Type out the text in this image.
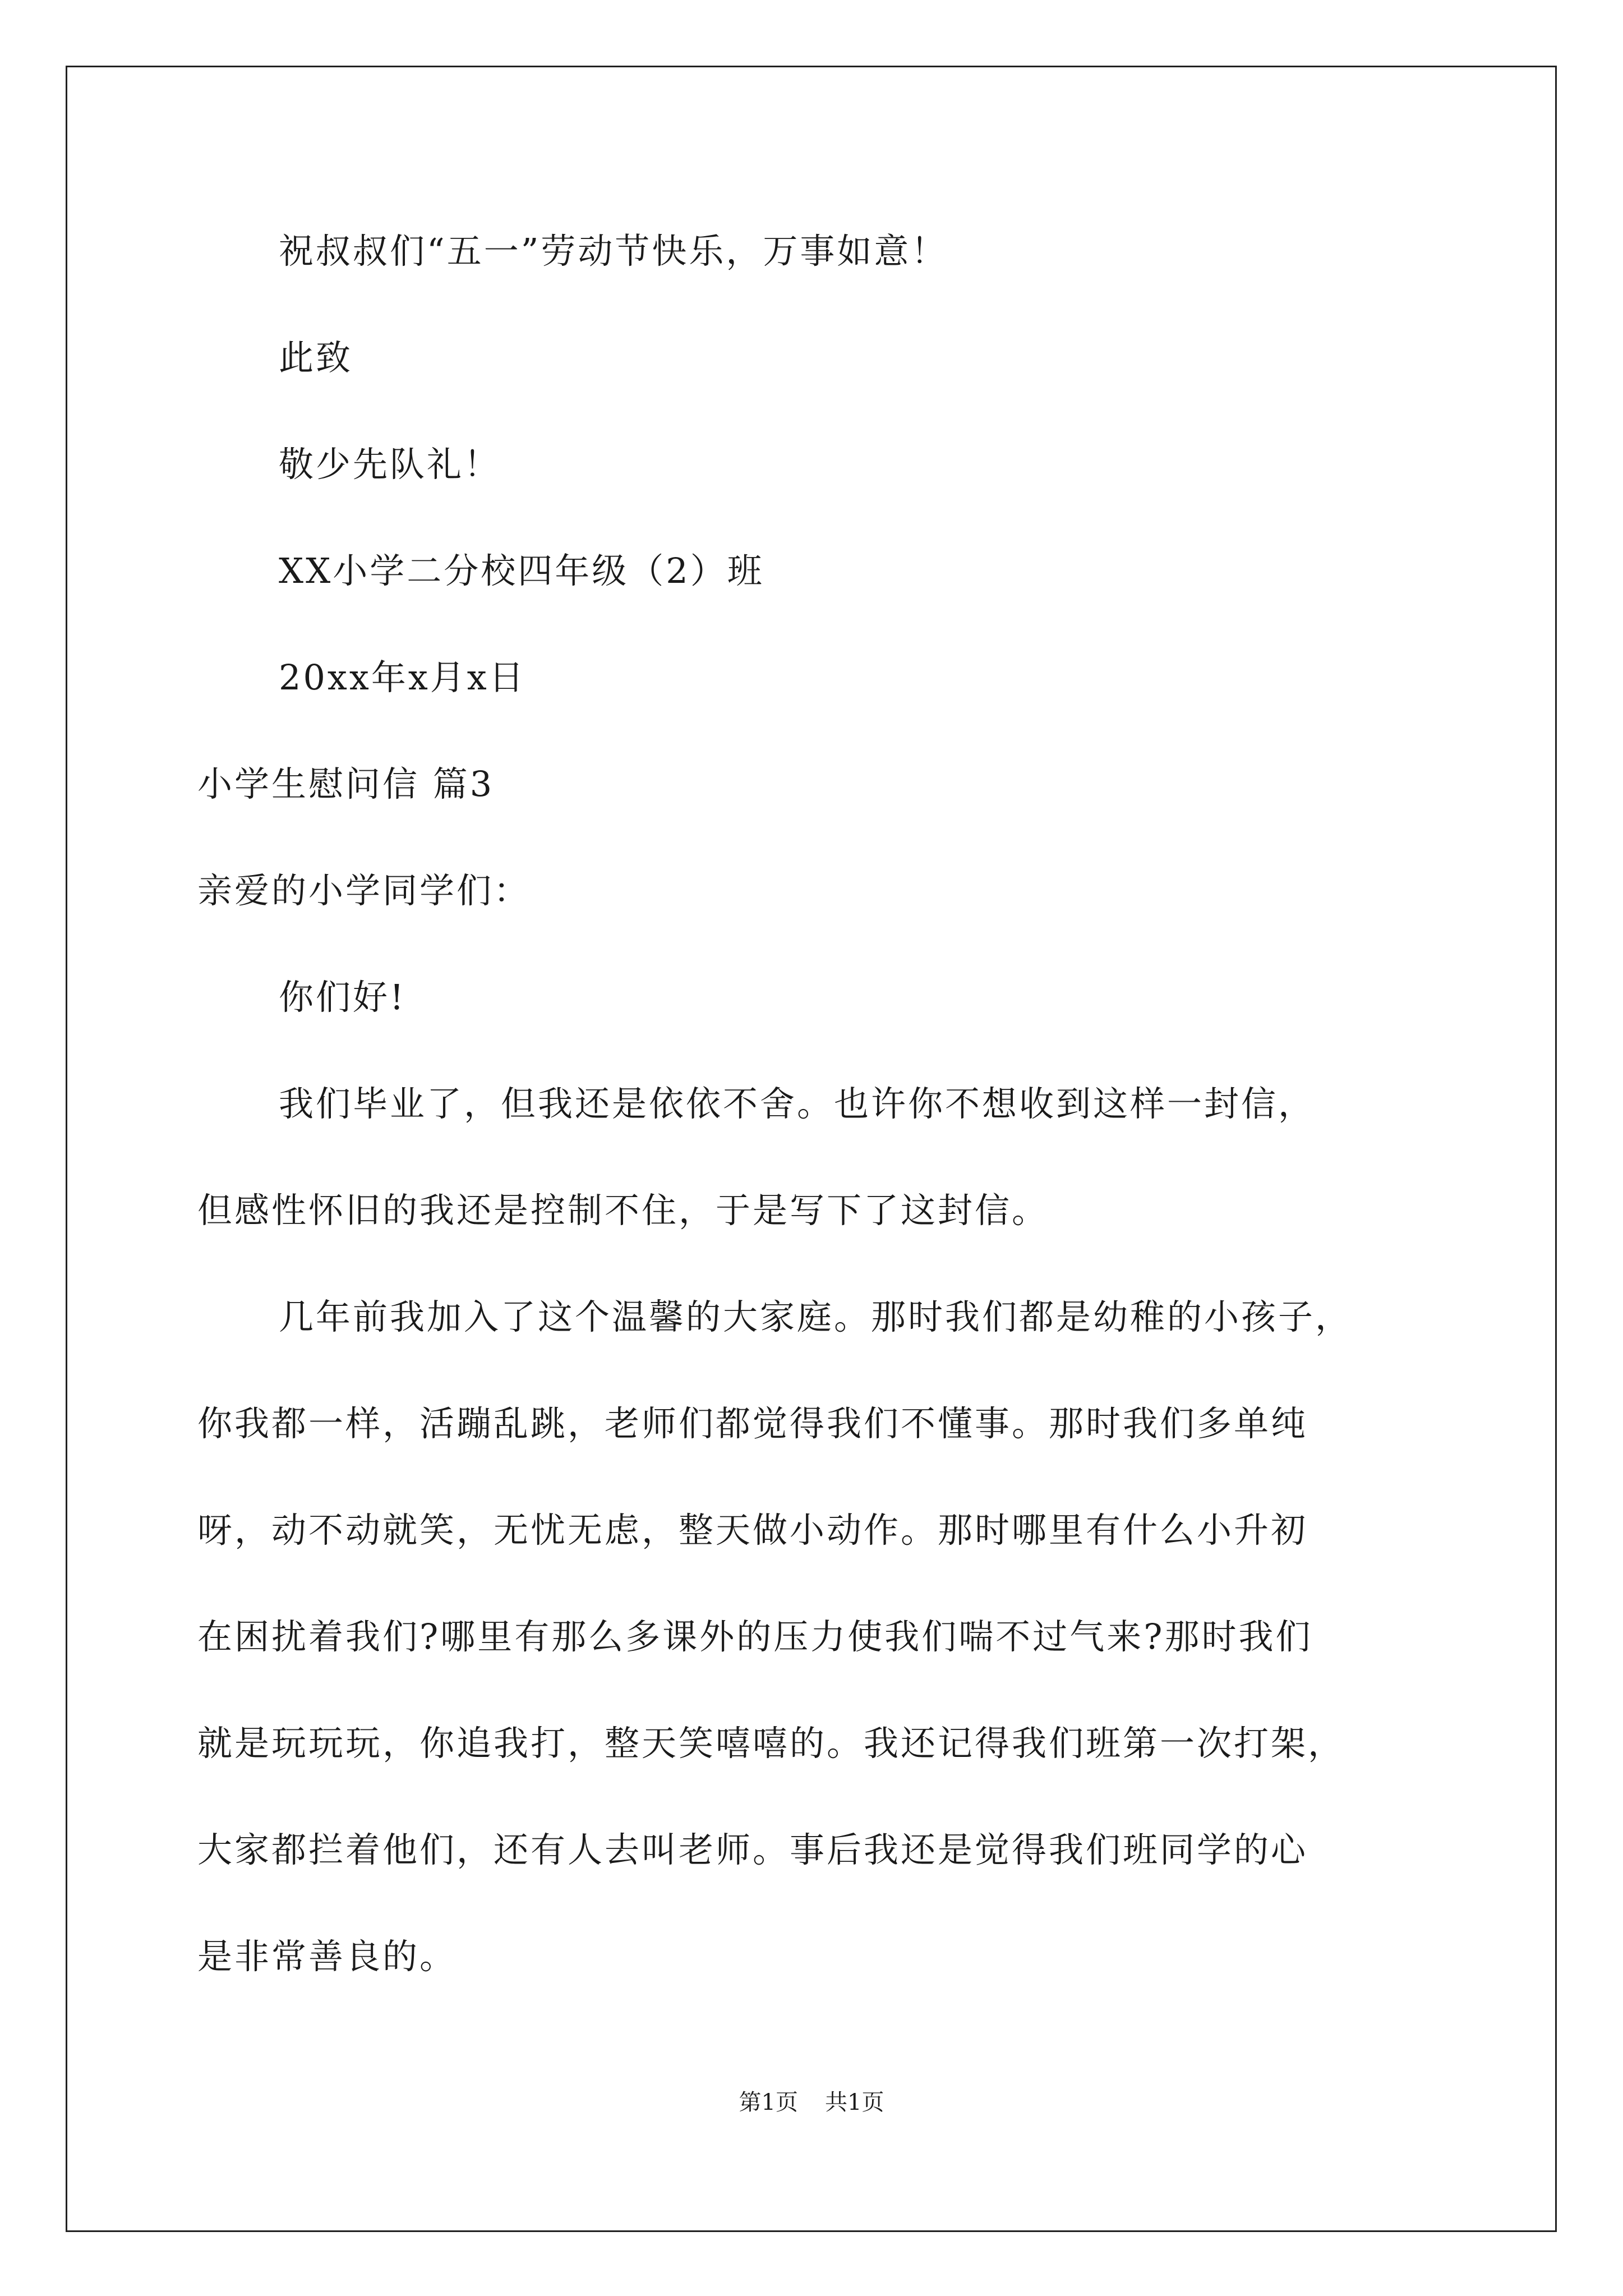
祝叔叔们“五一”劳动节快乐，万事如意！
此致
敬少先队礼！
XX小学二分校四年级（2）班
20xx年x月x日
小学生慰问信 篇3
亲爱的小学同学们：
你们好!
我们毕业了，但我还是依依不舍。也许你不想收到这样一封信，
但感性怀旧的我还是控制不住，于是写下了这封信。
几年前我加入了这个温馨的大家庭。那时我们都是幼稚的小孩子，
你我都一样，活蹦乱跳，老师们都觉得我们不懂事。那时我们多单纯
呀，动不动就笑，无忧无虑，整天做小动作。那时哪里有什么小升初
在困扰着我们?哪里有那么多课外的压力使我们喘不过气来?那时我们
就是玩玩玩，你追我打，整天笑嘻嘻的。我还记得我们班第一次打架，
大家都拦着他们，还有人去叫老师。事后我还是觉得我们班同学的心
是非常善良的。
第1页 共1页
